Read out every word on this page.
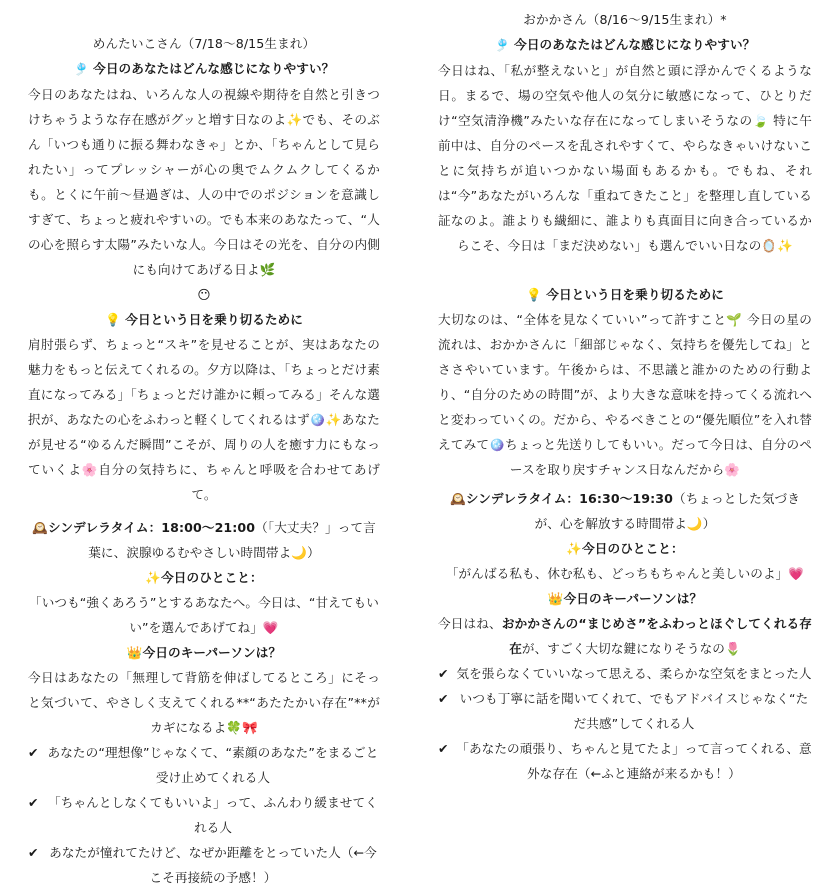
めんたいこさん（7/18〜8/15生まれ）
🎐 今日のあなたはどんな感じになりやすい？
今日のあなたはね、いろんな人の視線や期待を自然と引きつけちゃうような存在感がグッと増す日なのよ✨でも、そのぶん「いつも通りに振る舞わなきゃ」とか、「ちゃんとして見られたい」ってプレッシャーが心の奥でムクムクしてくるかも。とくに午前〜昼過ぎは、人の中でのポジションを意識しすぎて、ちょっと疲れやすいの。でも本来のあなたって、“人の心を照らす太陽”みたいな人。今日はその光を、自分の内側にも向けてあげる日よ🌿
😶
💡 今日という日を乗り切るために
肩肘張らず、ちょっと“スキ”を見せることが、実はあなたの魅力をもっと伝えてくれるの。夕方以降は、「ちょっとだけ素直になってみる」「ちょっとだけ誰かに頼ってみる」そんな選択が、あなたの心をふわっと軽くしてくれるはず🪩✨あなたが見せる“ゆるんだ瞬間”こそが、周りの人を癒す力にもなっていくよ🌸自分の気持ちに、ちゃんと呼吸を合わせてあげて。
🕰️シンデレラタイム：18:00〜21:00（「大丈夫？」って言葉に、涙腺ゆるむやさしい時間帯よ🌙）
✨今日のひとこと：
「いつも“強くあろう”とするあなたへ。今日は、“甘えてもいい”を選んであげてね」💗
👑今日のキーパーソンは？
今日はあなたの「無理して背筋を伸ばしてるところ」にそっと気づいて、やさしく支えてくれる**“あたたかい存在”**がカギになるよ🍀🎀
✔ あなたの“理想像”じゃなくて、“素顔のあなた”をまるごと受け止めてくれる人
✔ 「ちゃんとしなくてもいいよ」って、ふんわり緩ませてくれる人
✔ あなたが憧れてたけど、なぜか距離をとっていた人（←今こそ再接続の予感！）
おかかさん（8/16〜9/15生まれ）*
🎐 今日のあなたはどんな感じになりやすい？
今日はね、「私が整えないと」が自然と頭に浮かんでくるような日。まるで、場の空気や他人の気分に敏感になって、ひとりだけ“空気清浄機”みたいな存在になってしまいそうなの🍃 特に午前中は、自分のペースを乱されやすくて、やらなきゃいけないことに気持ちが追いつかない場面もあるかも。でもね、それは“今”あなたがいろんな「重ねてきたこと」を整理し直している証なのよ。誰よりも繊細に、誰よりも真面目に向き合っているからこそ、今日は「まだ決めない」も選んでいい日なの🪞✨
💡 今日という日を乗り切るために
大切なのは、“全体を見なくていい”って許すこと🌱 今日の星の流れは、おかかさんに「細部じゃなく、気持ちを優先してね」とささやいています。午後からは、不思議と誰かのための行動より、“自分のための時間”が、より大きな意味を持ってくる流れへと変わっていくの。だから、やるべきことの“優先順位”を入れ替えてみて🪩ちょっと先送りしてもいい。だって今日は、自分のペースを取り戻すチャンス日なんだから🌸
🕰️シンデレラタイム：16:30〜19:30（ちょっとした気づきが、心を解放する時間帯よ🌙）
✨今日のひとこと：
「がんばる私も、休む私も、どっちもちゃんと美しいのよ」💗
👑今日のキーパーソンは？
今日はね、おかかさんの“まじめさ”をふわっとほぐしてくれる存在が、すごく大切な鍵になりそうなの🌷
✔ 気を張らなくていいなって思える、柔らかな空気をまとった人
✔ いつも丁寧に話を聞いてくれて、でもアドバイスじゃなく“ただ共感”してくれる人
✔ 「あなたの頑張り、ちゃんと見てたよ」って言ってくれる、意外な存在（←ふと連絡が来るかも！）
